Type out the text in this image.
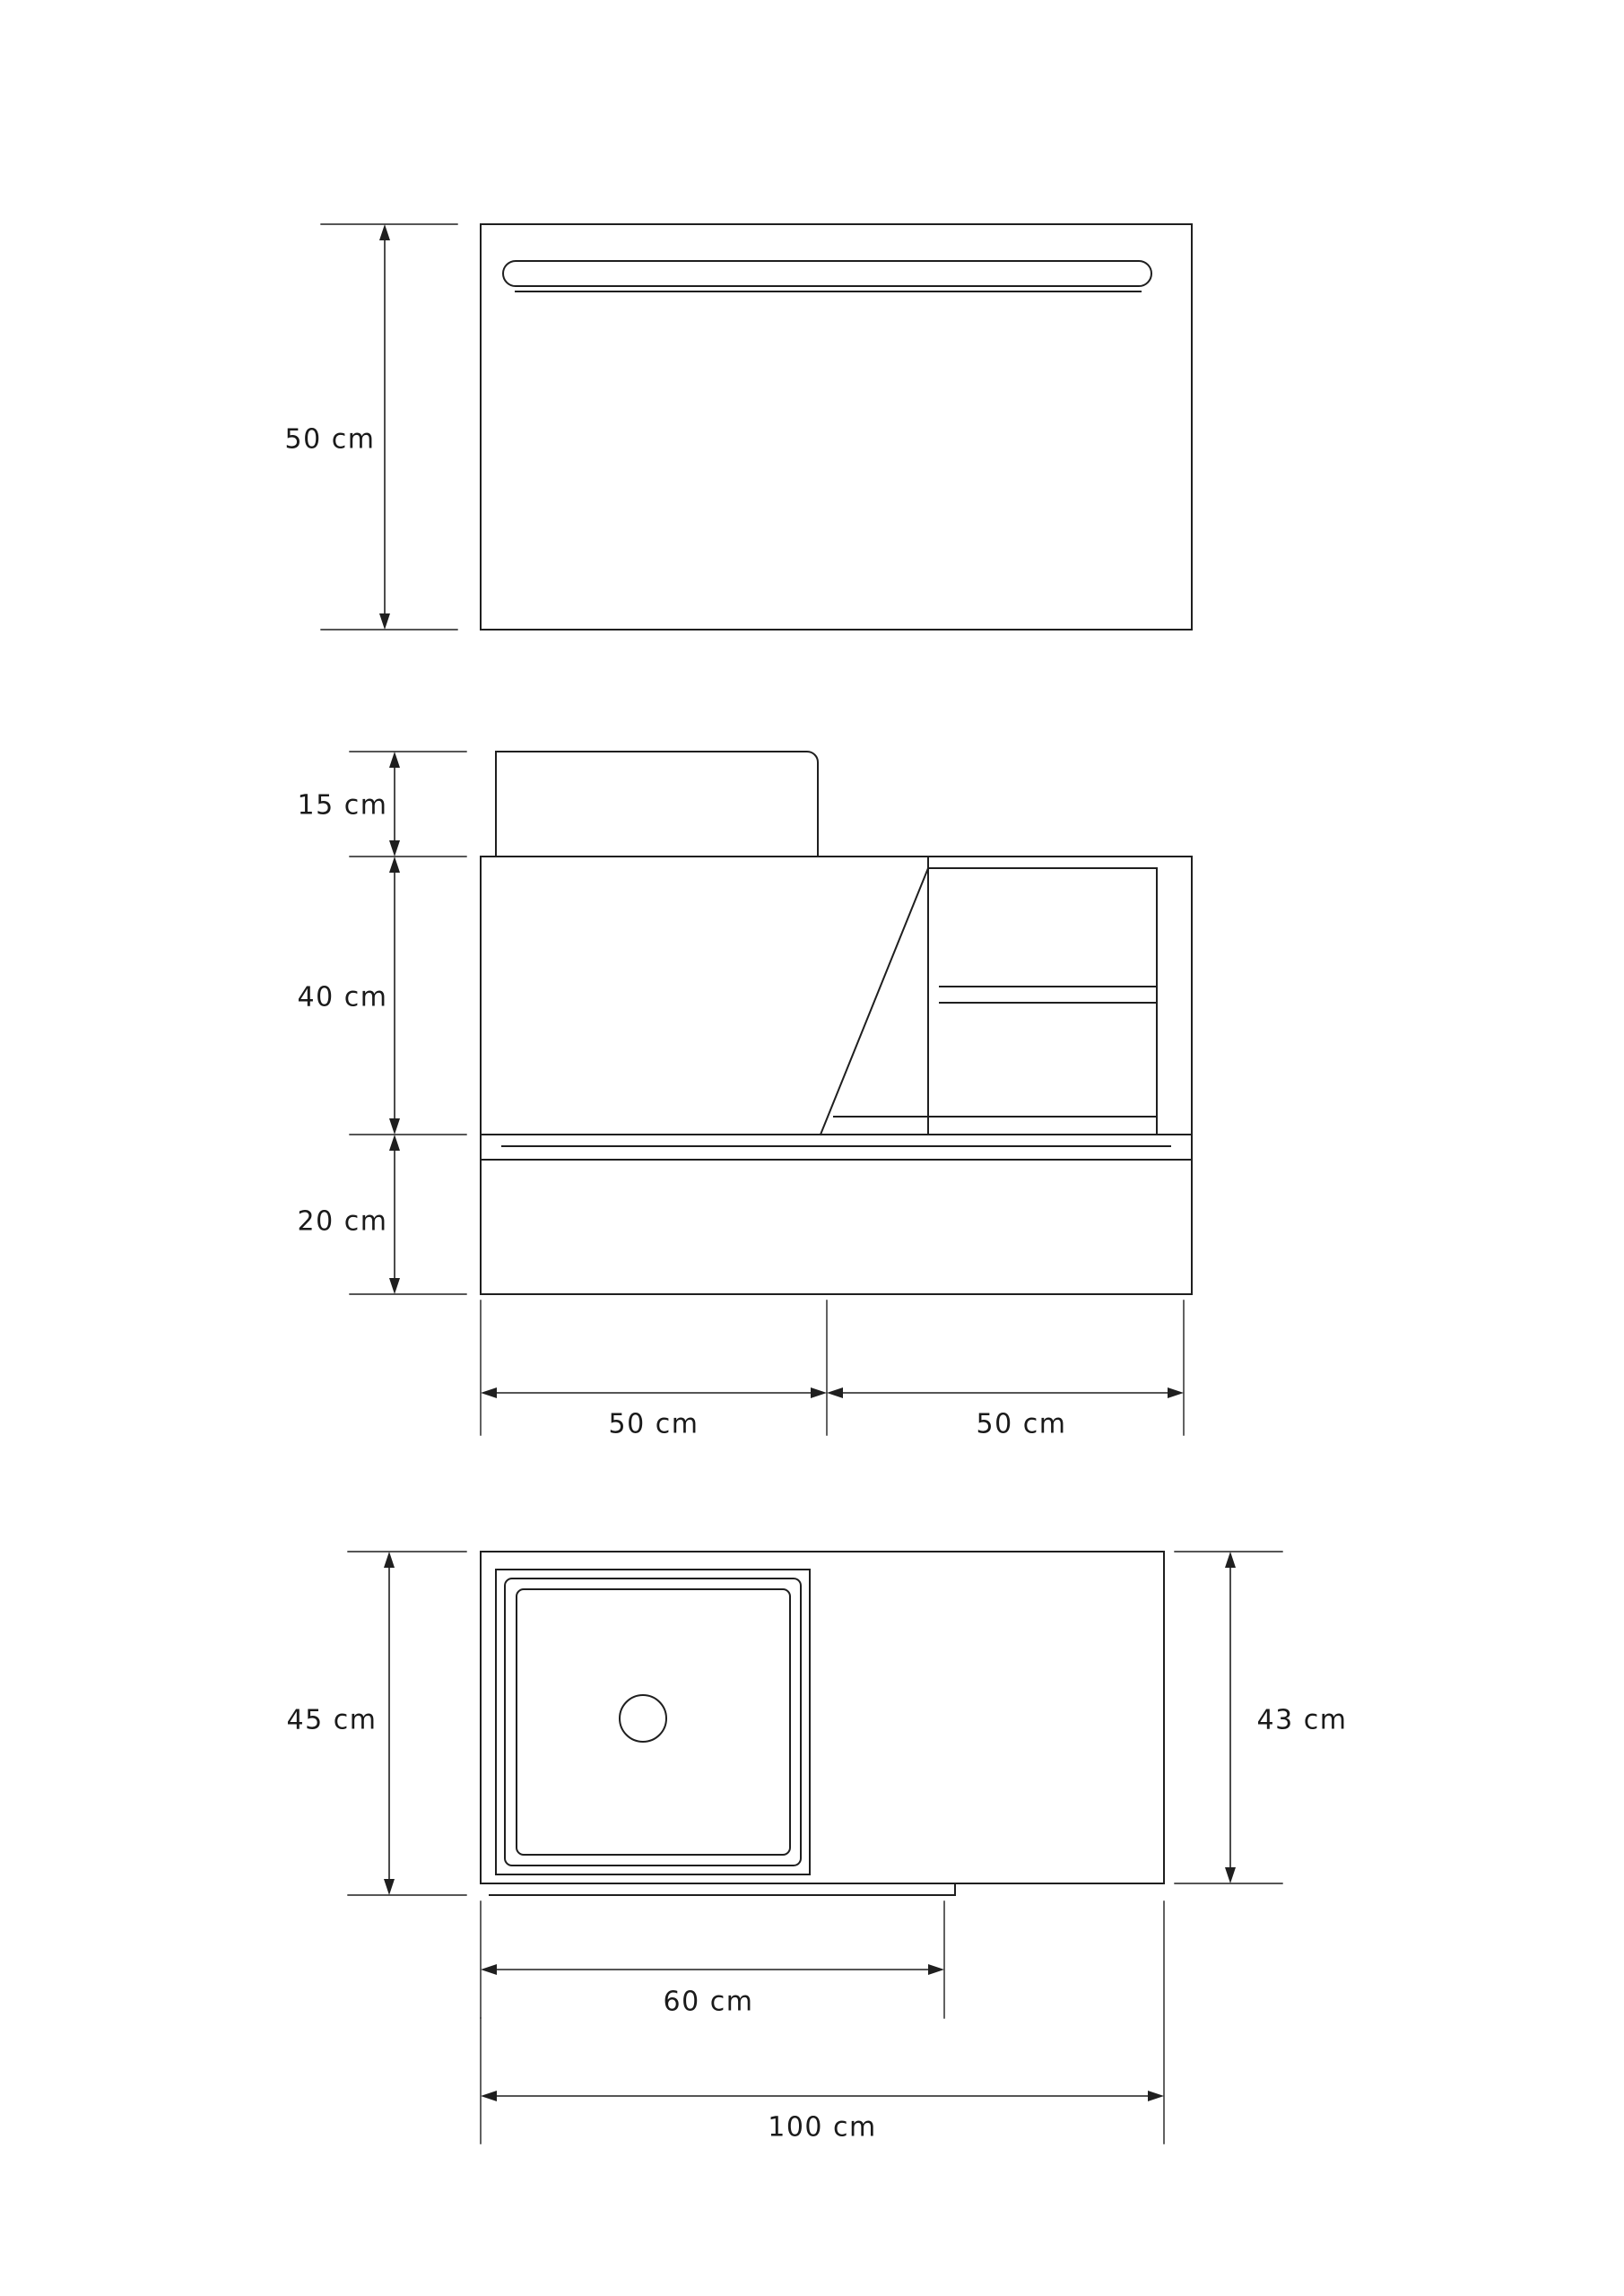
50 cm
15 cm
40 cm
20 cm
50 cm	50 cm
45 cm	43 cm
60 cm
100 cm
